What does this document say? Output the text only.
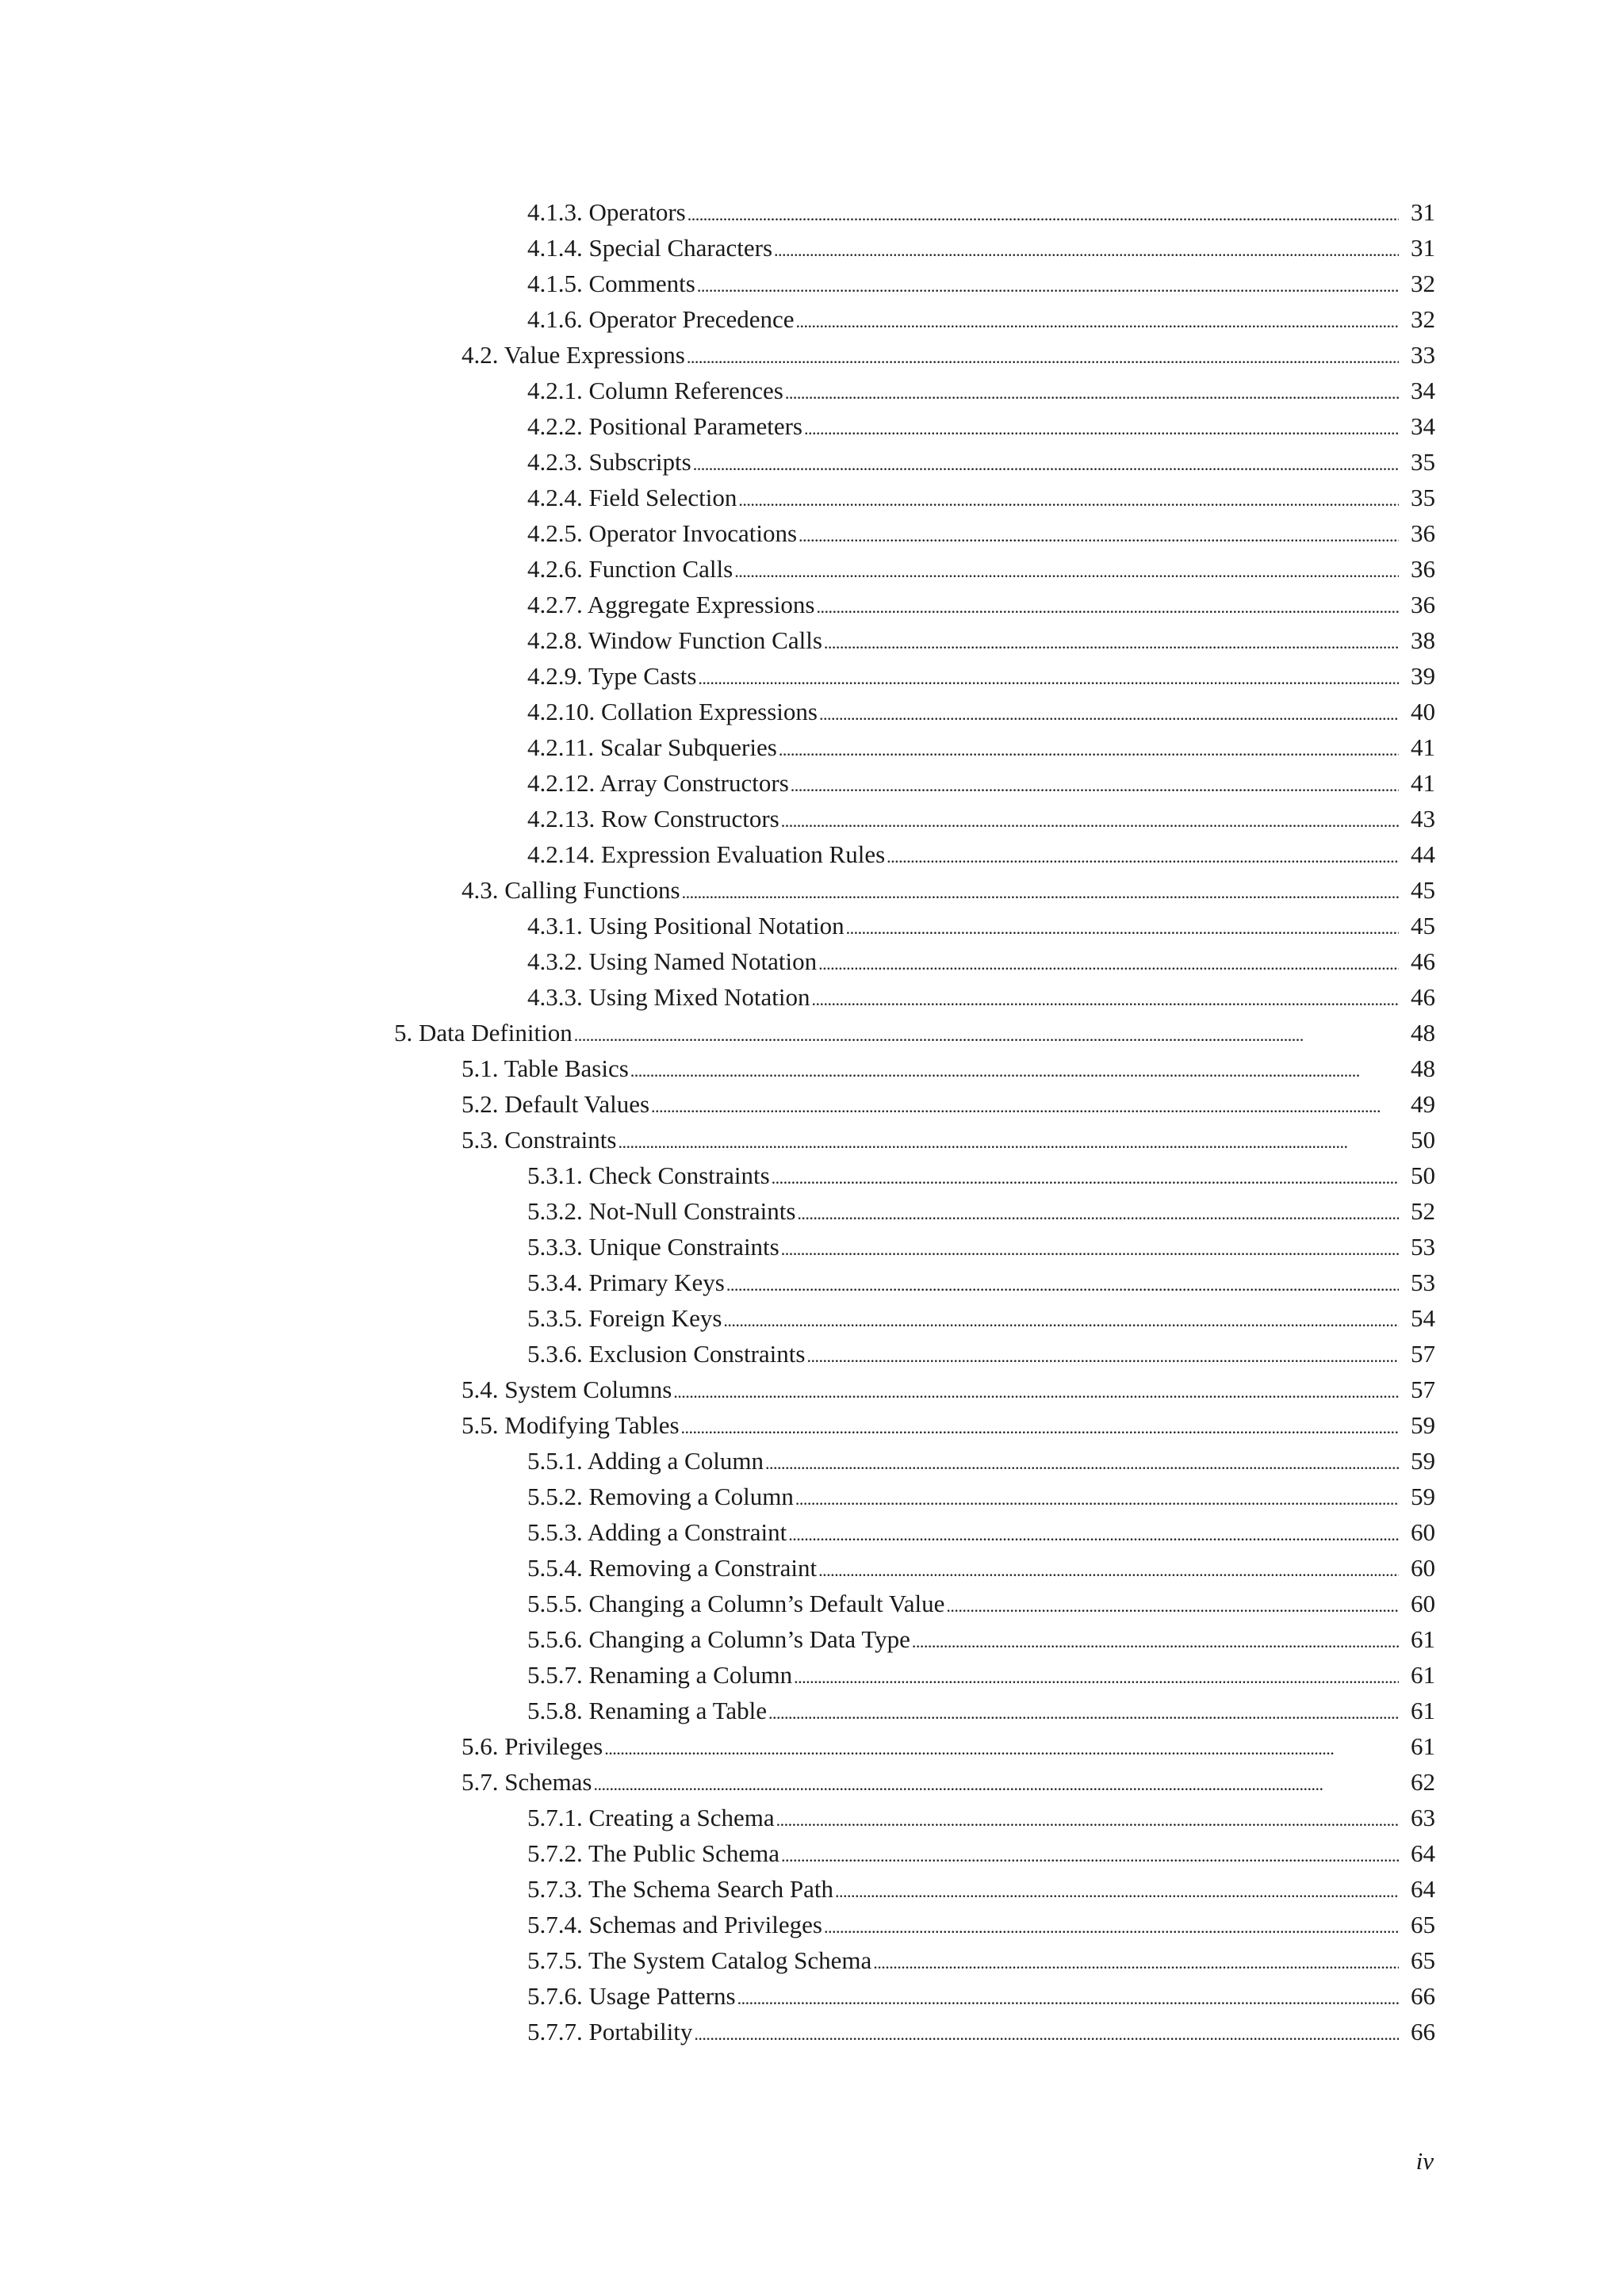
4.1.3. Operators . . .	31
4.1.4. Special Characters . . .	31
4.1.5. Comments . . .	32
4.1.6. Operator Precedence . . .	32
4.2. Value Expressions . . .	33
4.2.1. Column References . . .	34
4.2.2. Positional Parameters . . .	34
4.2.3. Subscripts . . .	35
4.2.4. Field Selection . . .	35
4.2.5. Operator Invocations . . .	36
4.2.6. Function Calls . . .	36
4.2.7. Aggregate Expressions . . .	36
4.2.8. Window Function Calls . . .	38
4.2.9. Type Casts . . .	39
4.2.10. Collation Expressions . . .	40
4.2.11. Scalar Subqueries . . .	41
4.2.12. Array Constructors . . .	41
4.2.13. Row Constructors . . .	43
4.2.14. Expression Evaluation Rules . . .	44
4.3. Calling Functions . . .	45
4.3.1. Using Positional Notation . . .	45
4.3.2. Using Named Notation . . .	46
4.3.3. Using Mixed Notation . . .	46
5. Data Definition . . .	48
5.1. Table Basics . . .	48
5.2. Default Values . . .	49
5.3. Constraints . . .	50
5.3.1. Check Constraints . . .	50
5.3.2. Not-Null Constraints . . .	52
5.3.3. Unique Constraints . . .	53
5.3.4. Primary Keys . . .	53
5.3.5. Foreign Keys . . .	54
5.3.6. Exclusion Constraints . . .	57
5.4. System Columns . . .	57
5.5. Modifying Tables . . .	59
5.5.1. Adding a Column . . .	59
5.5.2. Removing a Column . . .	59
5.5.3. Adding a Constraint . . .	60
5.5.4. Removing a Constraint . . .	60
5.5.5. Changing a Column’s Default Value . . .	60
5.5.6. Changing a Column’s Data Type . . .	61
5.5.7. Renaming a Column . . .	61
5.5.8. Renaming a Table . . .	61
5.6. Privileges . . .	61
5.7. Schemas . . .	62
5.7.1. Creating a Schema . . .	63
5.7.2. The Public Schema . . .	64
5.7.3. The Schema Search Path . . .	64
5.7.4. Schemas and Privileges . . .	65
5.7.5. The System Catalog Schema . . .	65
5.7.6. Usage Patterns . . .	66
5.7.7. Portability . . .	66
iv
